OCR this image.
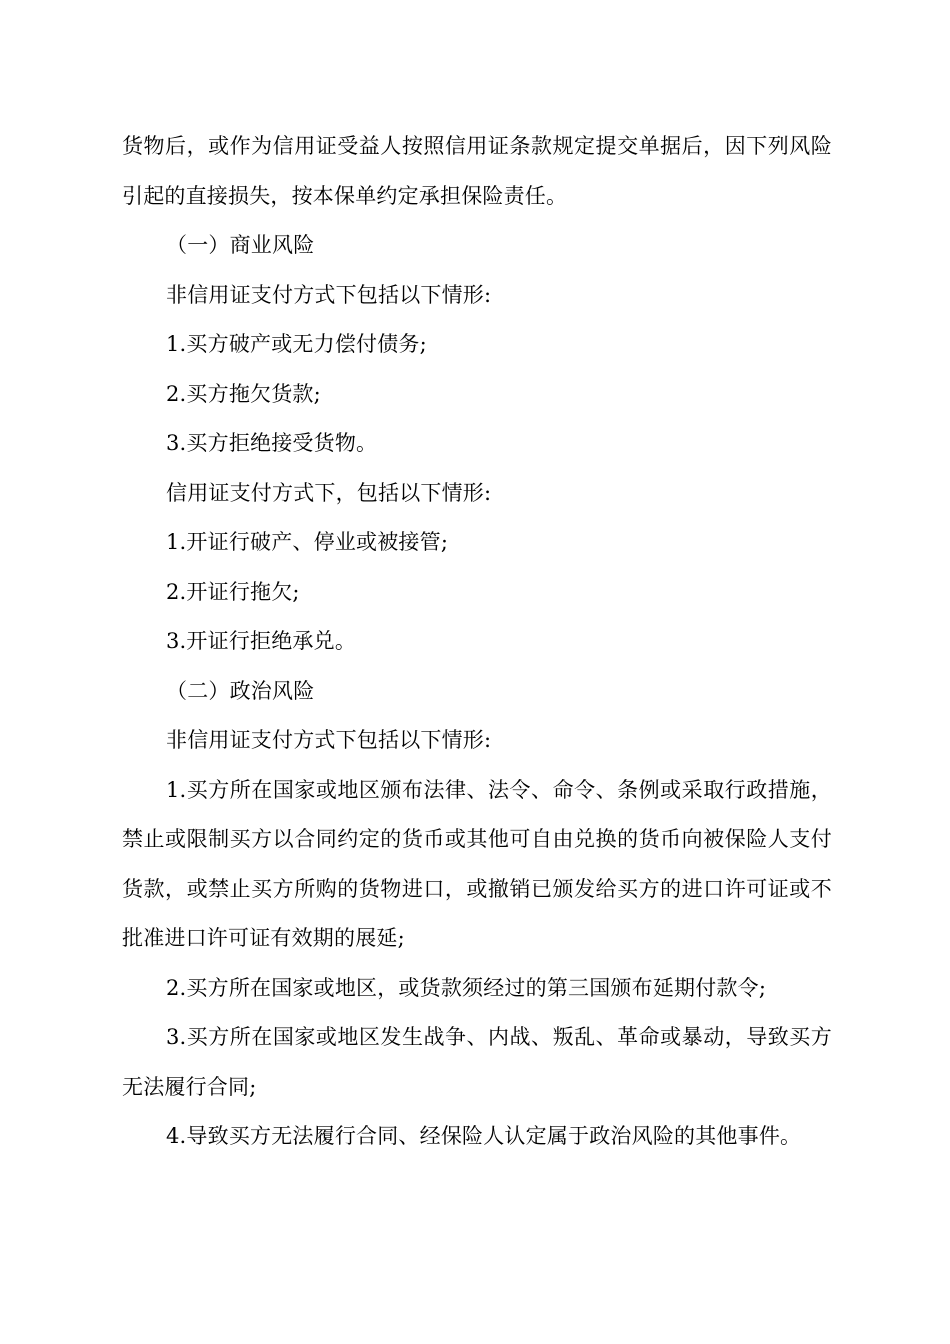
货物后，或作为信用证受益人按照信用证条款规定提交单据后，因下列风险引起的直接损失，按本保单约定承担保险责任。

（一）商业风险

非信用证支付方式下包括以下情形:

1.买方破产或无力偿付债务;

2.买方拖欠货款;

3.买方拒绝接受货物。

信用证支付方式下，包括以下情形:

1.开证行破产、停业或被接管;

2.开证行拖欠;

3.开证行拒绝承兑。

（二）政治风险

非信用证支付方式下包括以下情形:

1.买方所在国家或地区颁布法律、法令、命令、条例或采取行政措施，禁止或限制买方以合同约定的货币或其他可自由兑换的货币向被保险人支付货款，或禁止买方所购的货物进口，或撤销已颁发给买方的进口许可证或不批准进口许可证有效期的展延;

2.买方所在国家或地区，或货款须经过的第三国颁布延期付款令;

3.买方所在国家或地区发生战争、内战、叛乱、革命或暴动，导致买方无法履行合同;

4.导致买方无法履行合同、经保险人认定属于政治风险的其他事件。
